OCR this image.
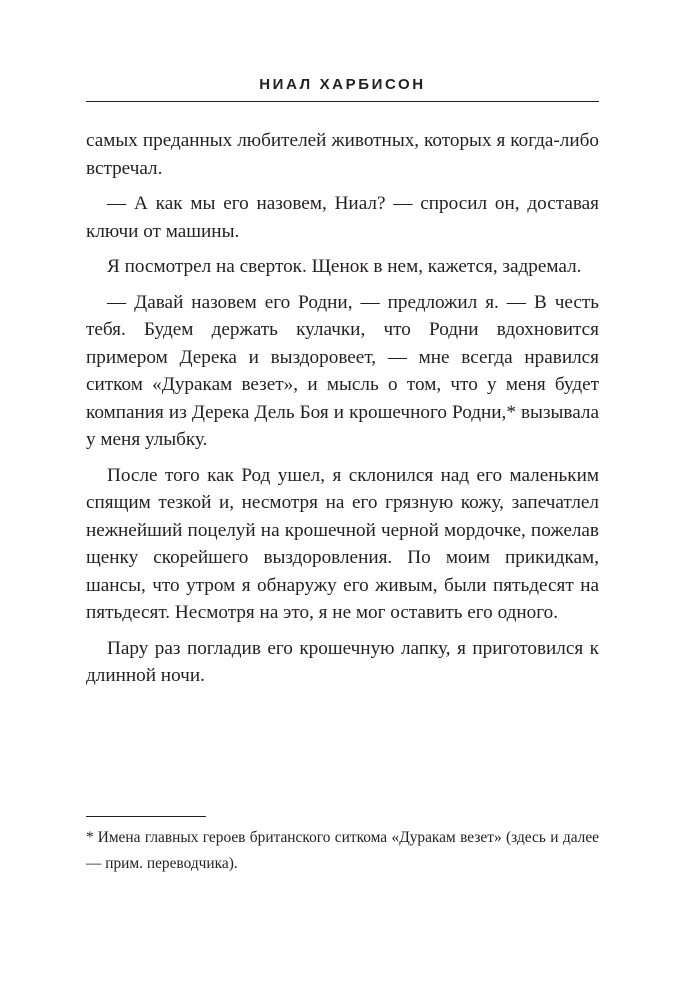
НИАЛ ХАРБИСОН

самых преданных любителей животных, которых я когда-либо встречал.

— А как мы его назовем, Ниал? — спросил он, доставая ключи от машины.

Я посмотрел на сверток. Щенок в нем, кажется, задремал.

— Давай назовем его Родни, — предложил я. — В честь тебя. Будем держать кулачки, что Родни вдохновится примером Дерека и выздоровеет, — мне всегда нравился ситком «Дуракам везет», и мысль о том, что у меня будет компания из Дерека Дель Боя и крошечного Родни,* вызывала у меня улыбку.

После того как Род ушел, я склонился над его маленьким спящим тезкой и, несмотря на его грязную кожу, запечатлел нежнейший поцелуй на крошечной черной мордочке, пожелав щенку скорейшего выздоровления. По моим прикидкам, шансы, что утром я обнаружу его живым, были пятьдесят на пятьдесят. Несмотря на это, я не мог оставить его одного.

Пару раз погладив его крошечную лапку, я приготовился к длинной ночи.

* Имена главных героев британского ситкома «Дуракам везет» (здесь и далее — прим. переводчика).
